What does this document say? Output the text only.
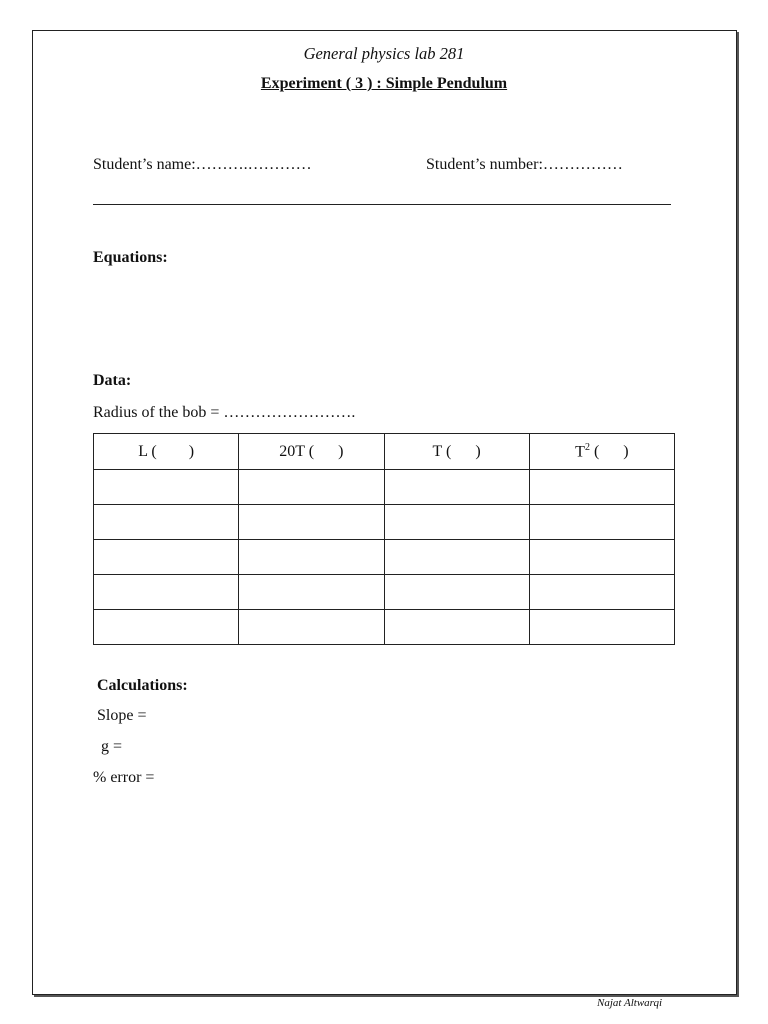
General physics lab 281
Experiment ( 3 ) : Simple Pendulum
Student’s name:……….…………	Student’s number:……………
Equations:
Data:
Radius of the bob = …………………….
L (        )	20T (      )	T (      )	$T^2$ (      )

Calculations:
Slope =
g =
% error =
Najat Altwarqi
